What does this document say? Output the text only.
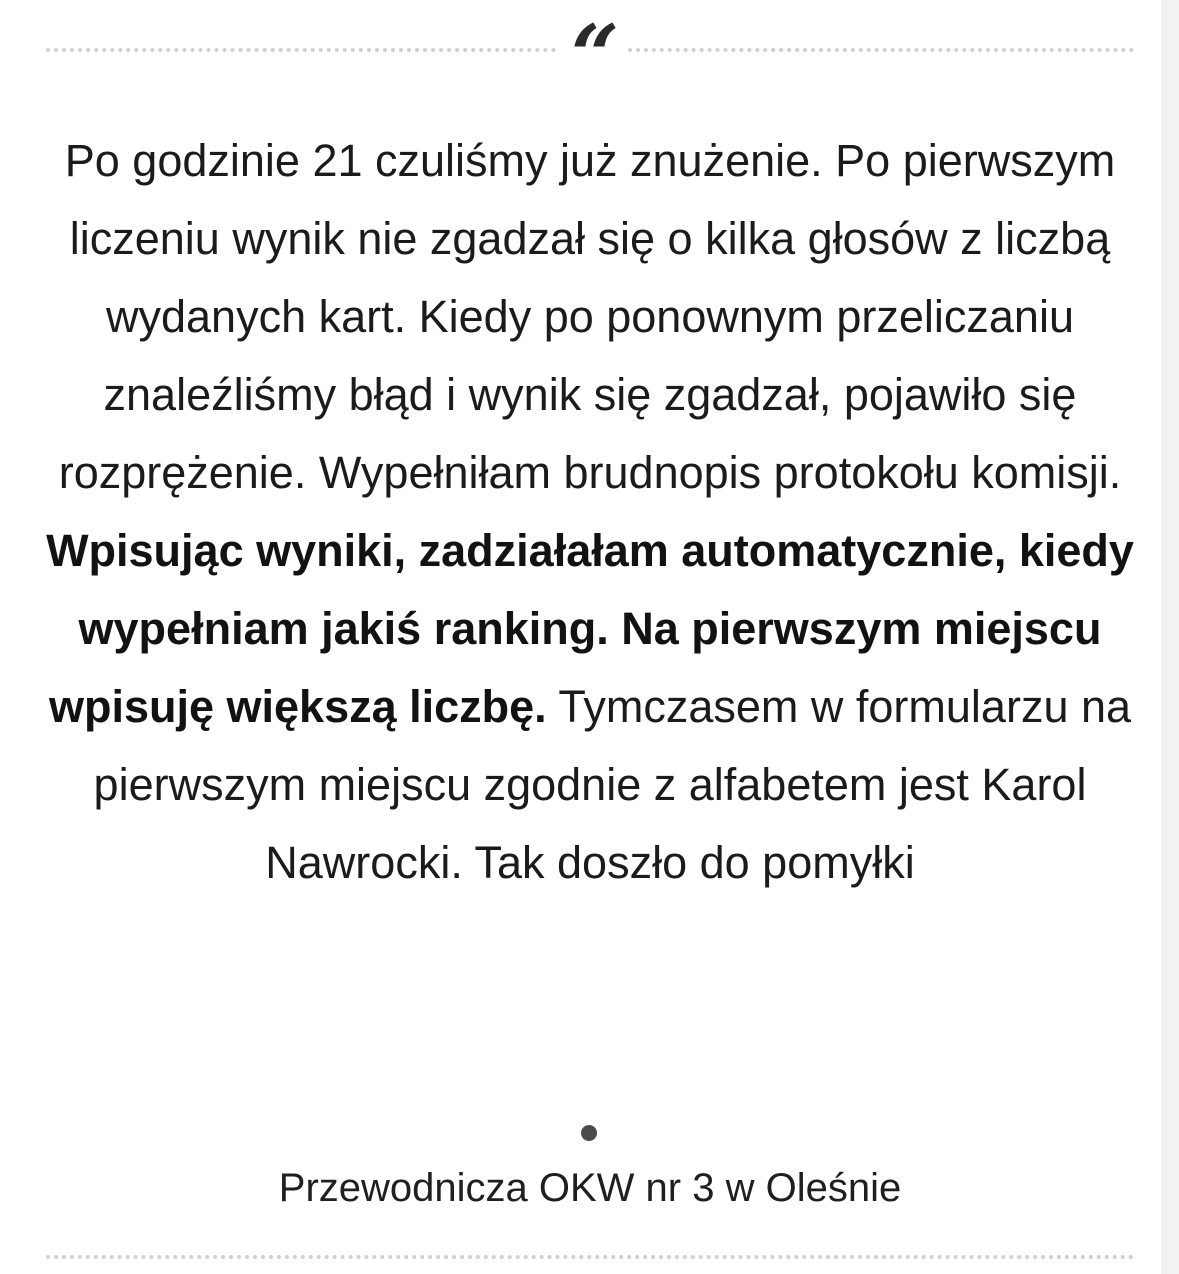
“

Po godzinie 21 czuliśmy już znużenie. Po pierwszym liczeniu wynik nie zgadzał się o kilka głosów z liczbą wydanych kart. Kiedy po ponownym przeliczaniu znaleźliśmy błąd i wynik się zgadzał, pojawiło się rozprężenie. Wypełniłam brudnopis protokołu komisji. Wpisując wyniki, zadziałałam automatycznie, kiedy wypełniam jakiś ranking. Na pierwszym miejscu wpisuję większą liczbę. Tymczasem w formularzu na pierwszym miejscu zgodnie z alfabetem jest Karol Nawrocki. Tak doszło do pomyłki

Przewodnicza OKW nr 3 w Oleśnie
